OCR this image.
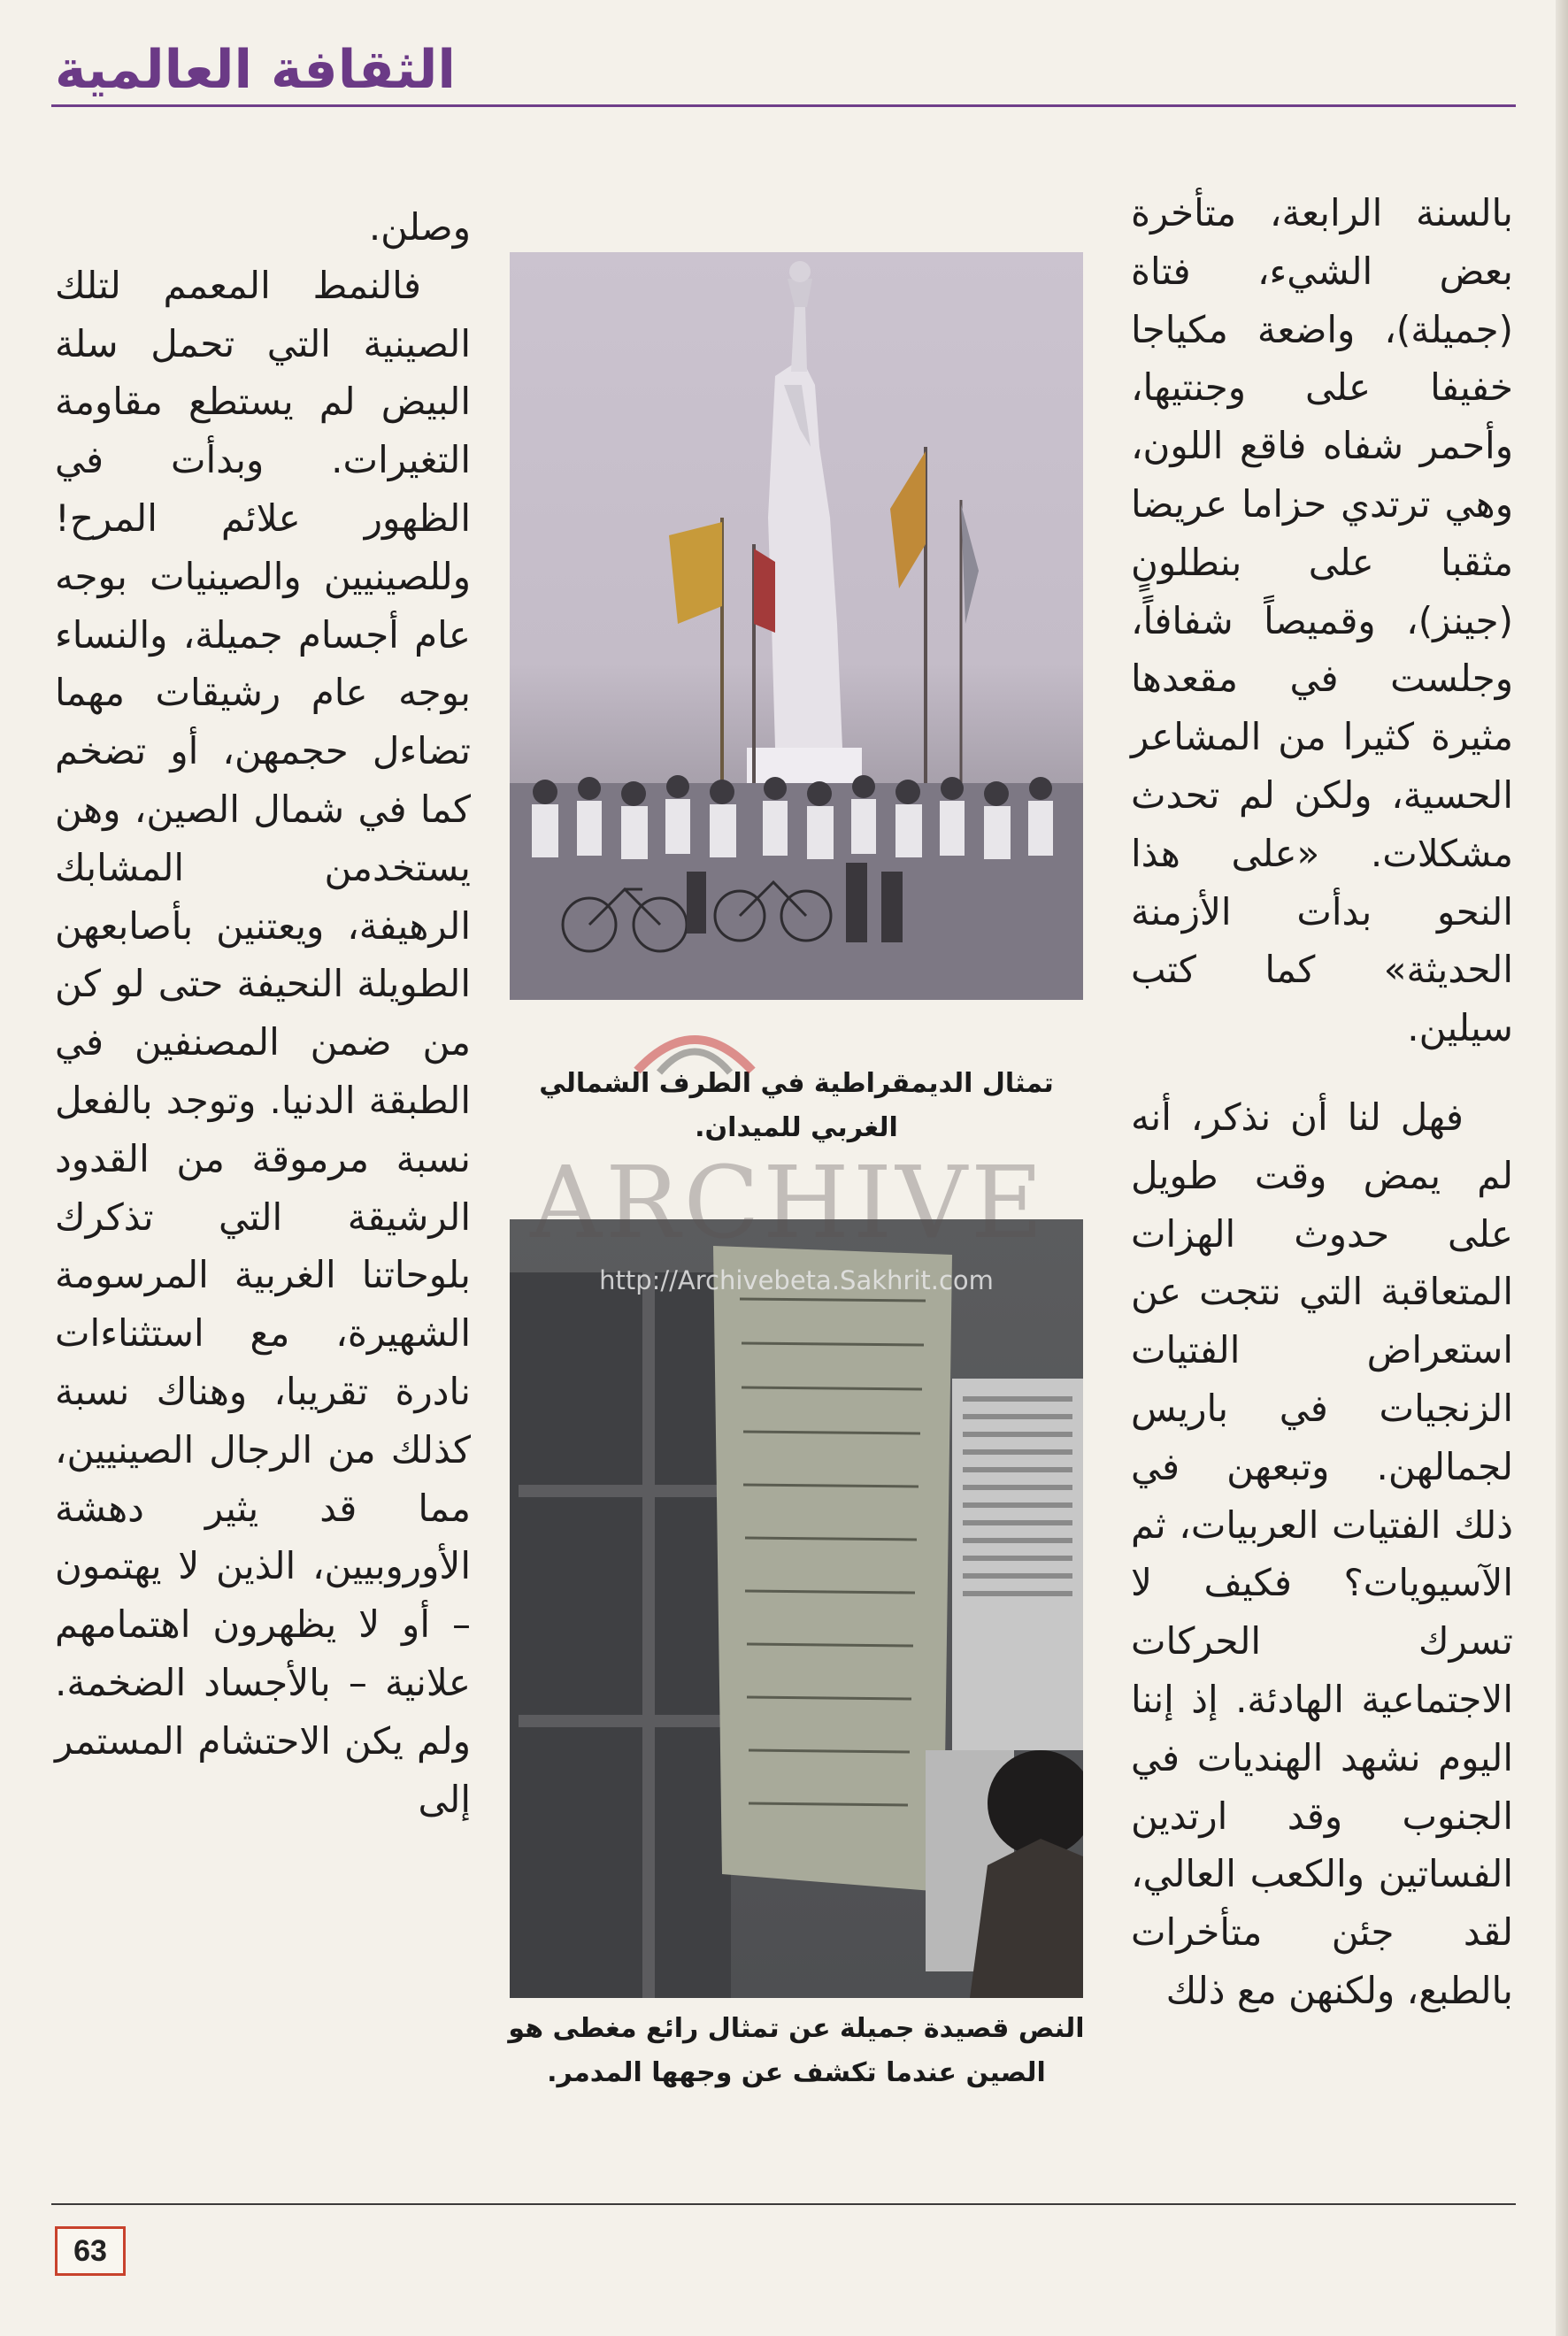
الثقافة العالمية

بالسنة الرابعة، متأخرة بعض الشيء، فتاة (جميلة)، واضعة مكياجا خفيفا على وجنتيها، وأحمر شفاه فاقع اللون، وهي ترتدي حزاما عريضا مثقبا على بنطلونٍ (جينز)، وقميصاً شفافاً، وجلست في مقعدها مثيرة كثيرا من المشاعر الحسية، ولكن لم تحدث مشكلات. «على هذا النحو بدأت الأزمنة الحديثة» كما كتب سيلين.

فهل لنا أن نذكر، أنه لم يمض وقت طويل على حدوث الهزات المتعاقبة التي نتجت عن استعراض الفتيات الزنجيات في باريس لجمالهن. وتبعهن في ذلك الفتيات العربيات، ثم الآسيويات؟ فكيف لا تسرك الحركات الاجتماعية الهادئة. إذ إننا اليوم نشهد الهنديات في الجنوب وقد ارتدين الفساتين والكعب العالي، لقد جئن متأخرات بالطبع، ولكنهن مع ذلك

وصلن.

فالنمط المعمم لتلك الصينية التي تحمل سلة البيض لم يستطع مقاومة التغيرات. وبدأت في الظهور علائم المرح! وللصينيين والصينيات بوجه عام أجسام جميلة، والنساء بوجه عام رشيقات مهما تضاءل حجمهن، أو تضخم كما في شمال الصين، وهن يستخدمن المشابك الرهيفة، ويعتنين بأصابعهن الطويلة النحيفة حتى لو كن من ضمن المصنفين في الطبقة الدنيا. وتوجد بالفعل نسبة مرموقة من القدود الرشيقة التي تذكرك بلوحاتنا الغربية المرسومة الشهيرة، مع استثناءات نادرة تقريبا، وهناك نسبة كذلك من الرجال الصينيين، مما قد يثير دهشة الأوروبيين، الذين لا يهتمون – أو لا يظهرون اهتمامهم علانية – بالأجساد الضخمة. ولم يكن الاحتشام المستمر إلى

تمثال الديمقراطية في الطرف الشمالي الغربي للميدان.

النص قصيدة جميلة عن تمثال رائع مغطى هو الصين عندما تكشف عن وجهها المدمر.

ARCHIVE

http://Archivebeta.Sakhrit.com

63
